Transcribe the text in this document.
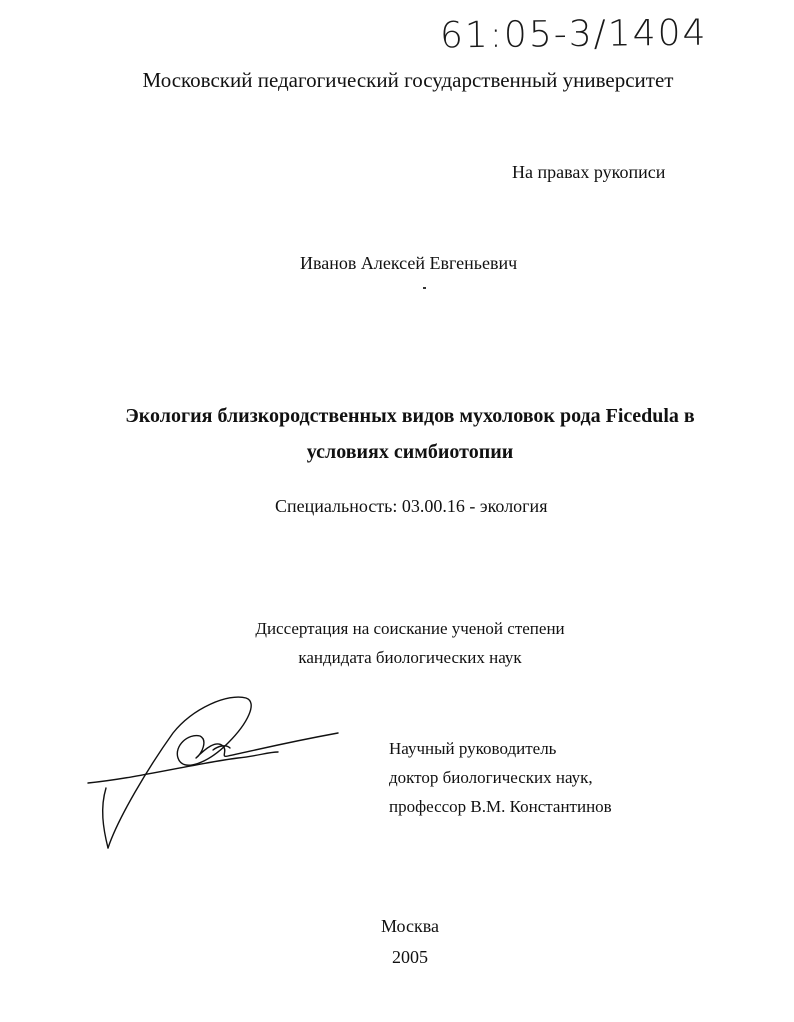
61:05-3/1404
Московский педагогический государственный университет
На правах рукописи
Иванов Алексей Евгеньевич
Экология близкородственных видов мухоловок рода Ficedula в
условиях симбиотопии
Специальность: 03.00.16 - экология
Диссертация на соискание ученой степени
кандидата биологических наук
Научный руководитель
доктор биологических наук,
профессор В.М. Константинов
Москва
2005
